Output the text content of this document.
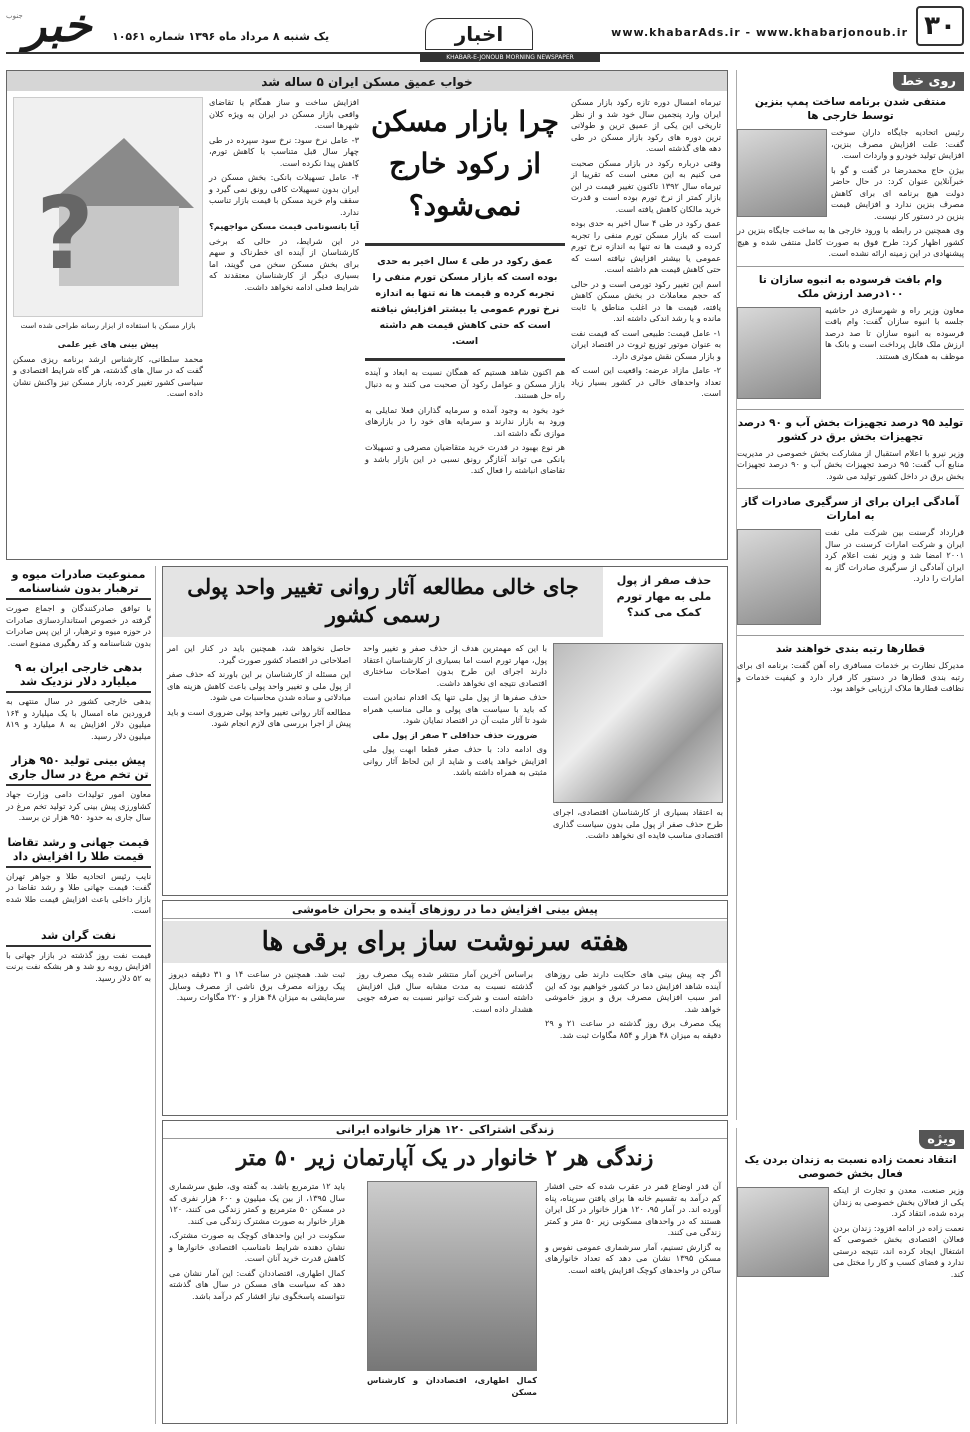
۳۰
www.khabarAds.ir - www.khabarjonoub.ir
اخبار
یک شنبه ۸ مرداد ماه ۱۳۹۶ شماره ۱۰۵۶۱
خبر
جنوب
KHABAR-E-JONOUB MORNING NEWSPAPER
روی خط
منتفی شدن برنامه ساخت پمپ بنزین توسط خارجی ها
رئیس اتحادیه جایگاه داران سوخت گفت: علت افزایش مصرف بنزین، افزایش تولید خودرو و واردات است.
بیژن حاج محمدرضا در گفت و گو با خبرآنلاین عنوان کرد: در حال حاضر دولت هیچ برنامه ای برای کاهش مصرف بنزین ندارد و افزایش قیمت بنزین در دستور کار نیست.
وی همچنین در رابطه با ورود خارجی ها به ساخت جایگاه بنزین در کشور اظهار کرد: طرح فوق به صورت کامل منتفی شده و هیچ پیشنهادی در این زمینه ارائه نشده است.
وام بافت فرسوده به انبوه سازان تا ۱۰۰درصد ارزش ملک
معاون وزیر راه و شهرسازی در حاشیه جلسه با انبوه سازان گفت: وام بافت فرسوده به انبوه سازان تا صد درصد ارزش ملک قابل پرداخت است و بانک ها موظف به همکاری هستند.
تولید ۹۵ درصد تجهیزات بخش آب و ۹۰ درصد تجهیزات بخش برق در کشور
وزیر نیرو با اعلام استقبال از مشارکت بخش خصوصی در مدیریت منابع آب گفت: ۹۵ درصد تجهیزات بخش آب و ۹۰ درصد تجهیزات بخش برق در داخل کشور تولید می شود.
آمادگی ایران برای از سرگیری صادرات گاز به امارات
قرارداد گرسنت بین شرکت ملی نفت ایران و شرکت امارات کرسنت در سال ۲۰۰۱ امضا شد و وزیر نفت اعلام کرد ایران آمادگی از سرگیری صادرات گاز به امارات را دارد.
قطارها رتبه بندی خواهند شد
مدیرکل نظارت بر خدمات مسافری راه آهن گفت: برنامه ای برای رتبه بندی قطارها در دستور کار قرار دارد و کیفیت خدمات و نظافت قطارها ملاک ارزیابی خواهد بود.
ویژه
انتقاد نعمت زاده نسبت به زندان بردن یک فعال بخش خصوصی
وزیر صنعت، معدن و تجارت از اینکه یکی از فعالان بخش خصوصی به زندان برده شده، انتقاد کرد.
نعمت زاده در ادامه افزود: زندان بردن فعالان اقتصادی بخش خصوصی که اشتغال ایجاد کرده اند، نتیجه درستی ندارد و فضای کسب و کار را مختل می کند.
خواب عمیق مسکن ایران ۵ ساله شد

تیرماه امسال دوره تازه رکود بازار مسکن ایران وارد پنجمین سال خود شد و از نظر تاریخی این یکی از عمیق ترین و طولانی ترین دوره های رکود بازار مسکن در طی دهه های گذشته است.

وقتی درباره رکود در بازار مسکن صحبت می کنیم به این معنی است که تقریبا از تیرماه سال ۱۳۹۲ تاکنون تغییر قیمت در این بازار کمتر از نرخ تورم بوده است و قدرت خرید مالکان کاهش یافته است.

عمق رکود در طی ۴ سال اخیر به حدی بوده است که بازار مسکن تورم منفی را تجربه کرده و قیمت ها نه تنها به اندازه نرخ تورم عمومی یا بیشتر افزایش نیافته است که حتی کاهش قیمت هم داشته است.

اسم این تغییر رکود تورمی است و در حالی که حجم معاملات در بخش مسکن کاهش یافته، قیمت ها در اغلب مناطق یا ثابت مانده و یا رشد اندکی داشته اند.

۱- عامل قیمت: طبیعی است که قیمت نفت به عنوان موتور توزیع ثروت در اقتصاد ایران و بازار مسکن نقش موثری دارد.

۲- عامل مازاد عرضه: واقعیت این است که تعداد واحدهای خالی در کشور بسیار زیاد است.

چرا بازار مسکن از رکود خارج نمی‌شود؟
عمق رکود در طی ٤ سال اخیر به حدی بوده است که بازار مسکن تورم منفی را تجربه کرده و قیمت ها نه تنها به اندازه نرخ تورم عمومی یا بیشتر افزایش نیافته است که حتی کاهش قیمت هم داشته است.

هم اکنون شاهد هستیم که همگان نسبت به ابعاد و آینده بازار مسکن و عوامل رکود آن صحبت می کنند و به دنبال راه حل هستند.

خود بخود به وجود آمده و سرمایه گذاران فعلا تمایلی به ورود به بازار ندارند و سرمایه های خود را در بازارهای موازی نگه داشته اند.

هر نوع بهبود در قدرت خرید متقاضیان مصرفی و تسهیلات بانکی می تواند آغازگر رونق نسبی در این بازار باشد و تقاضای انباشته را فعال کند.

افزایش ساخت و ساز همگام با تقاضای واقعی بازار مسکن در ایران به ویژه کلان شهرها است.

۳- عامل نرخ سود: نرخ سود سپرده در طی چهار سال قبل متناسب با کاهش تورم، کاهش پیدا نکرده است.

۴- عامل تسهیلات بانکی: بخش مسکن در ایران بدون تسهیلات کافی رونق نمی گیرد و سقف وام خرید مسکن با قیمت بازار تناسب ندارد.

آیا بانسونامی قیمت مسکن مواجهیم؟

در این شرایط، در حالی که برخی کارشناسان از آینده ای خطرناک و سهم برای بخش مسکن سخن می گویند، اما بسیاری دیگر از کارشناسان معتقدند که شرایط فعلی ادامه نخواهد داشت.

?
بازار مسکن با استفاده از ابزار رسانه طراحی شده است

پیش بینی های غیر علمی

محمد سلطانی، کارشناس ارشد برنامه ریزی مسکن گفت که در سال های گذشته، هر گاه شرایط اقتصادی و سیاسی کشور تغییر کرده، بازار مسکن نیز واکنش نشان داده است.

ممنوعیت صادرات میوه و ترهبار بدون شناسنامه
با توافق صادرکنندگان و اجماع صورت گرفته در خصوص استانداردسازی صادرات در حوزه میوه و ترهبار، از این پس صادرات بدون شناسنامه و کد رهگیری ممنوع است.
بدهی خارجی ایران به ۹ میلیارد دلار نزدیک شد
بدهی خارجی کشور در سال منتهی به فروردین ماه امسال با یک میلیارد و ۱۶۴ میلیون دلار افزایش به ۸ میلیارد و ۸۱۹ میلیون دلار رسید.
پیش بینی تولید ۹۵۰ هزار تن تخم مرغ در سال جاری
معاون امور تولیدات دامی وزارت جهاد کشاورزی پیش بینی کرد تولید تخم مرغ در سال جاری به حدود ۹۵۰ هزار تن برسد.
قیمت جهانی و رشد تقاضا قیمت طلا را افزایش داد
نایب رئیس اتحادیه طلا و جواهر تهران گفت: قیمت جهانی طلا و رشد تقاضا در بازار داخلی باعث افزایش قیمت طلا شده است.
نفت گران شد
قیمت نفت روز گذشته در بازار جهانی با افزایش روبه رو شد و هر بشکه نفت برنت به ۵۲ دلار رسید.
جای خالی مطالعه آثار روانی تغییر واحد پولی رسمی کشور
حذف صفر از پول ملی به مهار تورم کمک می کند؟
به اعتقاد بسیاری از کارشناسان اقتصادی، اجرای طرح حذف صفر از پول ملی بدون سیاست گذاری اقتصادی مناسب فایده ای نخواهد داشت.

با این که مهمترین هدف از حذف صفر و تغییر واحد پول، مهار تورم است اما بسیاری از کارشناسان اعتقاد دارند اجرای این طرح بدون اصلاحات ساختاری اقتصادی نتیجه ای نخواهد داشت.

حذف صفرها از پول ملی تنها یک اقدام نمادین است که باید با سیاست های پولی و مالی مناسب همراه شود تا آثار مثبت آن در اقتصاد نمایان شود.

ضرورت حذف حداقلی ۳ صفر از پول ملی

وی ادامه داد: با حذف صفر قطعا ابهت پول ملی افزایش خواهد یافت و شاید از این لحاظ آثار روانی مثبتی به همراه داشته باشد.

حاصل نخواهد شد، همچنین باید در کنار این امر اصلاحاتی در اقتصاد کشور صورت گیرد.

این مسئله از کارشناسان بر این باورند که حذف صفر از پول ملی و تغییر واحد پولی باعث کاهش هزینه های مبادلاتی و ساده شدن محاسبات می شود.

مطالعه آثار روانی تغییر واحد پولی ضروری است و باید پیش از اجرا بررسی های لازم انجام شود.

پیش بینی افزایش دما در روزهای آینده و بحران خاموشی
هفته سرنوشت ساز برای برقی ها

اگر چه پیش بینی های حکایت دارند طی روزهای آینده شاهد افزایش دما در کشور خواهیم بود که این امر سبب افزایش مصرف برق و بروز خاموشی خواهد شد.

پیک مصرف برق روز گذشته در ساعت ۲۱ و ۲۹ دقیقه به میزان ۴۸ هزار و ۸۵۴ مگاوات ثبت شد.

براساس آخرین آمار منتشر شده پیک مصرف روز گذشته نسبت به مدت مشابه سال قبل افزایش داشته است و شرکت توانیر نسبت به صرفه جویی هشدار داده است.

ثبت شد. همچنین در ساعت ۱۴ و ۳۱ دقیقه دیروز پیک روزانه مصرف برق ناشی از مصرف وسایل سرمایشی به میزان ۴۸ هزار و ۲۲۰ مگاوات رسید.

زندگی اشتراکی ۱۲۰ هزار خانواده ایرانی
زندگی هر ۲ خانوار در یک آپارتمان زیر ۵۰ متر

آن قدر اوضاع قمر در عقرب شده که حتی افشار کم درآمد به تقسیم خانه ها برای یافتن سرپناه، پناه آورده اند. در آمار ۹۵، ۱۲۰ هزار خانوار در کل ایران هستند که در واحدهای مسکونی زیر ۵۰ متر و کمتر زندگی می کنند.

به گزارش تسنیم، آمار سرشماری عمومی نفوس و مسکن ۱۳۹۵ نشان می دهد که تعداد خانوارهای ساکن در واحدهای کوچک افزایش یافته است.

کمال اطهاری، اقتصاددان و کارشناس مسکن

باید ۱۲ مترمربع باشد. به گفته وی، طبق سرشماری سال ۱۳۹۵، از بین یک میلیون و ۶۰۰ هزار نفری که در مسکن ۵۰ مترمربع و کمتر زندگی می کنند، ۱۲۰ هزار خانوار به صورت مشترک زندگی می کنند.

سکونت در این واحدهای کوچک به صورت مشترک، نشان دهنده شرایط نامناسب اقتصادی خانوارها و کاهش قدرت خرید آنان است.

کمال اطهاری، اقتصاددان گفت: این آمار نشان می دهد که سیاست های مسکن در سال های گذشته نتوانسته پاسخگوی نیاز اقشار کم درآمد باشد.
